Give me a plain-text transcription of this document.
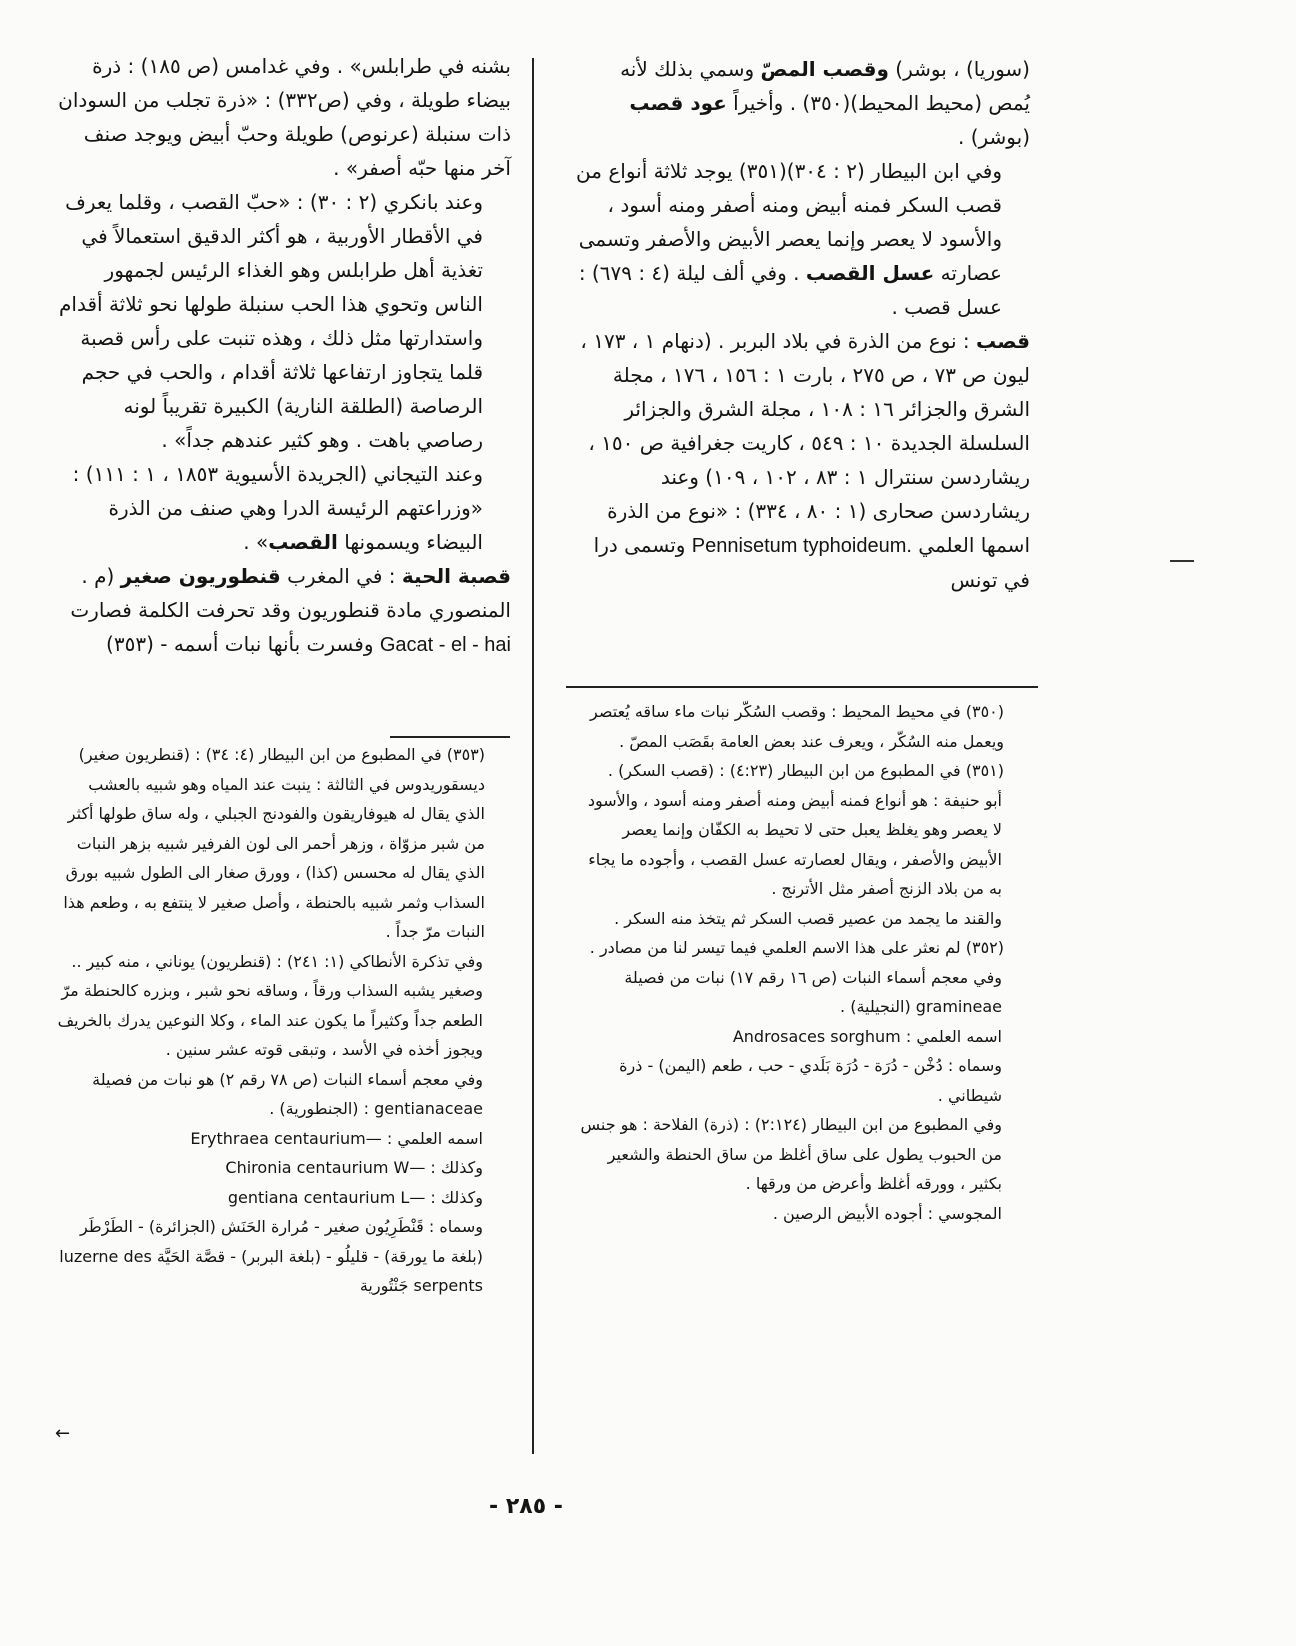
(سوريا) ، بوشر) وقصب المصّ وسمي بذلك لأنه يُمص (محيط المحيط)(٣٥٠) . وأخيراً عود قصب (بوشر) .

وفي ابن البيطار (٢ : ٣٠٤)(٣٥١) يوجد ثلاثة أنواع من قصب السكر فمنه أبيض ومنه أصفر ومنه أسود ، والأسود لا يعصر وإنما يعصر الأبيض والأصفر وتسمى عصارته عسل القصب . وفي ألف ليلة (٤ : ٦٧٩) : عسل قصب .

قصب : نوع من الذرة في بلاد البربر . (دنهام ١ ، ١٧٣ ، ليون ص ٧٣ ، ص ٢٧٥ ، بارت ١ : ١٥٦ ، ١٧٦ ، مجلة الشرق والجزائر ١٦ : ١٠٨ ، مجلة الشرق والجزائر السلسلة الجديدة ١٠ : ٥٤٩ ، كاريت جغرافية ص ١٥٠ ، ريشاردسن سنترال ١ : ٨٣ ، ١٠٢ ، ١٠٩) وعند ريشاردسن صحارى (١ : ٨٠ ، ٣٣٤) : «نوع من الذرة اسمها العلمي Pennisetum typhoideum. وتسمى درا في تونس

(٣٥٠) في محيط المحيط : وقصب السُكّر نبات ماء ساقه يُعتصر ويعمل منه السُكّر ، ويعرف عند بعض العامة بقَصَب المصّ .

(٣٥١) في المطبوع من ابن البيطار (٤:٢٣) : (قصب السكر) .

أبو حنيفة : هو أنواع فمنه أبيض ومنه أصفر ومنه أسود ، والأسود لا يعصر وهو يغلظ يعبل حتى لا تحيط به الكفّان وإنما يعصر الأبيض والأصفر ، ويقال لعصارته عسل القصب ، وأجوده ما يجاء به من بلاد الزنج أصفر مثل الأترنج .

والقند ما يجمد من عصير قصب السكر ثم يتخذ منه السكر .

(٣٥٢) لم نعثر على هذا الاسم العلمي فيما تيسر لنا من مصادر .

وفي معجم أسماء النبات (ص ١٦ رقم ١٧) نبات من فصيلة gramineae (النجيلية) .

اسمه العلمي : Androsaces sorghum

وسماه : دُخْن - دُرَة - دُرَة بَلَدي - حب ، طعم (اليمن) - ذرة شيطاني .

وفي المطبوع من ابن البيطار (٢:١٢٤) : (ذرة) الفلاحة : هو جنس من الحبوب يطول على ساق أغلظ من ساق الحنطة والشعير بكثير ، وورقه أغلظ وأعرض من ورقها .

المجوسي : أجوده الأبيض الرصين .

بشنه في طرابلس» . وفي غدامس (ص ١٨٥) : ذرة بيضاء طويلة ، وفي (ص٣٣٢) : «ذرة تجلب من السودان ذات سنبلة (عرنوص) طويلة وحبّ أبيض ويوجد صنف آخر منها حبّه أصفر» .

وعند بانكري (٢ : ٣٠) : «حبّ القصب ، وقلما يعرف في الأقطار الأوربية ، هو أكثر الدقيق استعمالاً في تغذية أهل طرابلس وهو الغذاء الرئيس لجمهور الناس وتحوي هذا الحب سنبلة طولها نحو ثلاثة أقدام واستدارتها مثل ذلك ، وهذه تنبت على رأس قصبة قلما يتجاوز ارتفاعها ثلاثة أقدام ، والحب في حجم الرصاصة (الطلقة النارية) الكبيرة تقريباً لونه رصاصي باهت . وهو كثير عندهم جداً» .

وعند التيجاني (الجريدة الأسيوية ١٨٥٣ ، ١ : ١١١) : «وزراعتهم الرئيسة الدرا وهي صنف من الذرة البيضاء ويسمونها القصب» .

قصبة الحية : في المغرب قنطوريون صغير (م . المنصوري مادة قنطوريون وقد تحرفت الكلمة فصارت Gacat - el - hai وفسرت بأنها نبات أسمه - (٣٥٣)

(٣٥٣) في المطبوع من ابن البيطار (٤: ٣٤) : (قنطريون صغير) ديسقوريدوس في الثالثة : ينبت عند المياه وهو شبيه بالعشب الذي يقال له هيوفاريقون والفودنج الجبلي ، وله ساق طولها أكثر من شبر مزوّاة ، وزهر أحمر الى لون الفرفير شبيه بزهر النبات الذي يقال له محسس (كذا) ، وورق صغار الى الطول شبيه بورق السذاب وثمر شبيه بالحنطة ، وأصل صغير لا ينتفع به ، وطعم هذا النبات مرّ جداً .

وفي تذكرة الأنطاكي (١: ٢٤١) : (قنطريون) يوناني ، منه كبير .. وصغير يشبه السذاب ورقاً ، وساقه نحو شبر ، وبزره كالحنطة مرّ الطعم جداً وكثيراً ما يكون عند الماء ، وكلا النوعين يدرك بالخريف ويجوز أخذه في الأسد ، وتبقى قوته عشر سنين .

وفي معجم أسماء النبات (ص ٧٨ رقم ٢) هو نبات من فصيلة gentianaceae : (الجنطورية) .

اسمه العلمي : —Erythraea centaurium

وكذلك : —Chironia centaurium W

وكذلك : —gentiana centaurium L

وسماه : قَنْطَرِيُون صغير - مُرارة الحَنَش (الجزائرة) - الطَرْطَر (بلغة ما يورقة) - قليلُو - (بلغة البربر) - قصَّة الحَيَّة luzerne des serpents جَنْتُورية

←
- ٢٨٥ -
